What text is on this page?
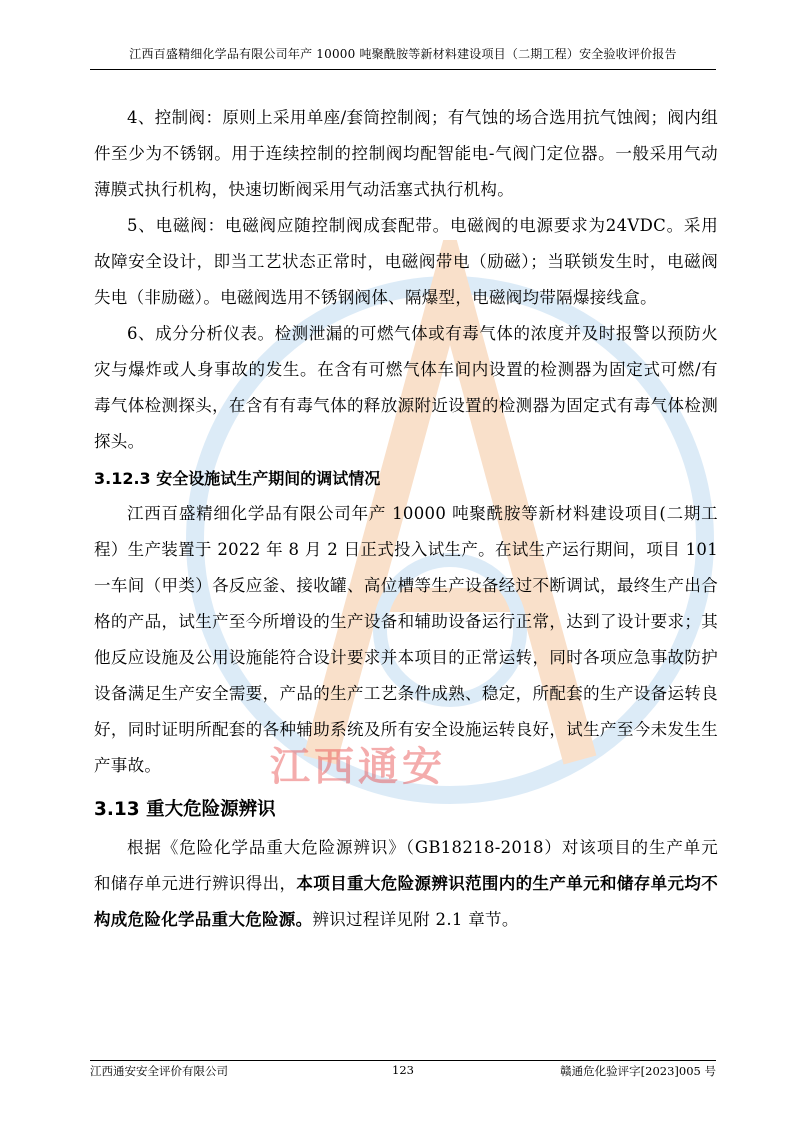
江西百盛精细化学品有限公司年产 10000 吨聚酰胺等新材料建设项目（二期工程）安全验收评价报告
江西通安

4、控制阀：原则上采用单座/套筒控制阀；有气蚀的场合选用抗气蚀阀；阀内组件至少为不锈钢。用于连续控制的控制阀均配智能电-气阀门定位器。一般采用气动薄膜式执行机构，快速切断阀采用气动活塞式执行机构。

5、电磁阀：电磁阀应随控制阀成套配带。电磁阀的电源要求为24VDC。采用故障安全设计，即当工艺状态正常时，电磁阀带电（励磁）；当联锁发生时，电磁阀失电（非励磁）。电磁阀选用不锈钢阀体、隔爆型，电磁阀均带隔爆接线盒。

6、成分分析仪表。检测泄漏的可燃气体或有毒气体的浓度并及时报警以预防火灾与爆炸或人身事故的发生。在含有可燃气体车间内设置的检测器为固定式可燃/有毒气体检测探头，在含有有毒气体的释放源附近设置的检测器为固定式有毒气体检测探头。

3.12.3 安全设施试生产期间的调试情况

江西百盛精细化学品有限公司年产 10000 吨聚酰胺等新材料建设项目(二期工程）生产装置于 2022 年 8 月 2 日正式投入试生产。在试生产运行期间，项目 101 一车间（甲类）各反应釜、接收罐、高位槽等生产设备经过不断调试，最终生产出合格的产品，试生产至今所增设的生产设备和辅助设备运行正常，达到了设计要求；其他反应设施及公用设施能符合设计要求并本项目的正常运转，同时各项应急事故防护设备满足生产安全需要，产品的生产工艺条件成熟、稳定，所配套的生产设备运转良好，同时证明所配套的各种辅助系统及所有安全设施运转良好，试生产至今未发生生产事故。

3.13 重大危险源辨识

根据《危险化学品重大危险源辨识》（GB18218-2018）对该项目的生产单元和储存单元进行辨识得出，本项目重大危险源辨识范围内的生产单元和储存单元均不构成危险化学品重大危险源。辨识过程详见附 2.1 章节。

江西通安安全评价有限公司	123	赣通危化验评字[2023]005 号
